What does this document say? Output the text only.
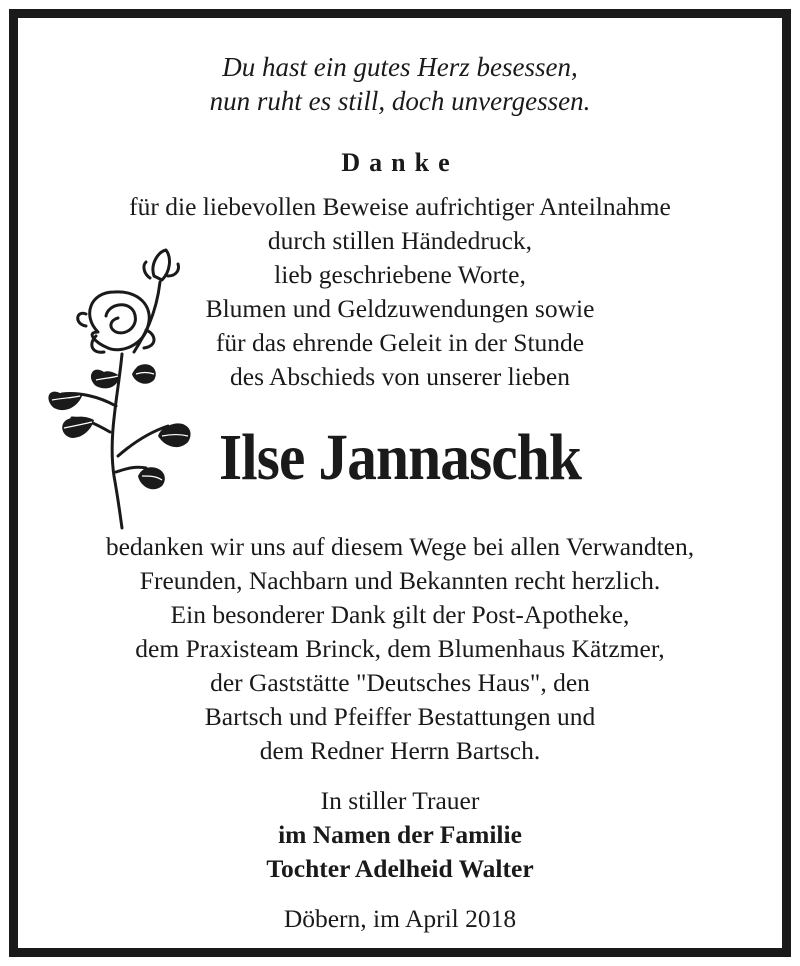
Du hast ein gutes Herz besessen,
nun ruht es still, doch unvergessen.
Danke
für die liebevollen Beweise aufrichtiger Anteilnahme
durch stillen Händedruck,
lieb geschriebene Worte,
Blumen und Geldzuwendungen sowie
für das ehrende Geleit in der Stunde
des Abschieds von unserer lieben
Ilse Jannaschk
bedanken wir uns auf diesem Wege bei allen Verwandten,
Freunden, Nachbarn und Bekannten recht herzlich.
Ein besonderer Dank gilt der Post-Apotheke,
dem Praxisteam Brinck, dem Blumenhaus Kätzmer,
der Gaststätte "Deutsches Haus", den
Bartsch und Pfeiffer Bestattungen und
dem Redner Herrn Bartsch.
In stiller Trauer
im Namen der Familie
Tochter Adelheid Walter
Döbern, im April 2018
